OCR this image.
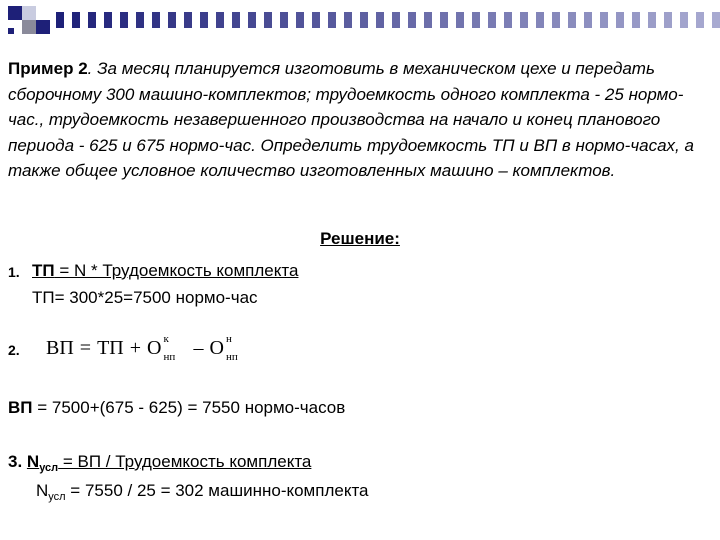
Пример 2. За месяц планируется изготовить в механическом цехе и передать сборочному 300 машино-комплектов; трудоемкость одного комплекта - 25 нормо-час., трудоемкость незавершенного производства на начало и конец планового периода - 625 и 675 нормо-час. Определить трудоемкость ТП и ВП в нормо-часах, а также общее условное количество изготовленных машино – комплектов.
Решение:
1. ТП = N * Трудоемкость комплекта
ТП= 300*25=7500 нормо-час
2. ВП = ТП + О к
нп – О н
нп
ВП = 7500+(675 - 625) = 7550 нормо-часов
3. $N_{усл}$ = ВП / Трудоемкость комплекта
$N_{усл} = 7550 / 25 = 302$ машинно-комплекта
